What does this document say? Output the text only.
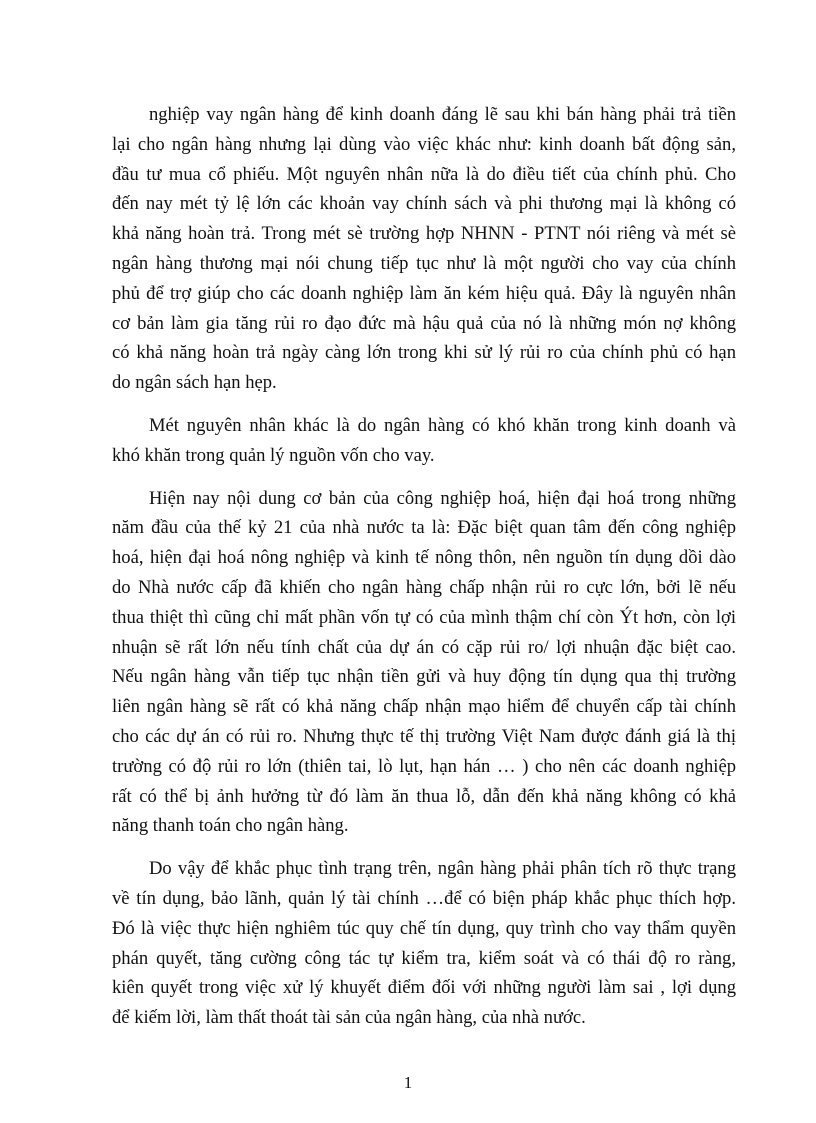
nghiệp vay ngân hàng để kinh doanh đáng lẽ sau khi bán hàng phải trả tiền
lại cho ngân hàng nhưng lại dùng vào việc khác như: kinh doanh bất động sản,
đầu tư mua cổ phiếu. Một nguyên nhân nữa là do điều tiết của chính phủ. Cho
đến nay mét tỷ lệ lớn các khoản vay chính sách và phi thương mại là không có
khả năng hoàn trả. Trong mét sè trường hợp NHNN - PTNT nói riêng và mét sè
ngân hàng thương mại nói chung tiếp tục như là một người cho vay của chính
phủ để trợ giúp cho các doanh nghiệp làm ăn kém hiệu quả. Đây là nguyên nhân
cơ bản làm gia tăng rủi ro đạo đức mà hậu quả của nó là những món nợ không
có khả năng hoàn trả ngày càng lớn trong khi sử lý rủi ro của chính phủ có hạn
do ngân sách hạn hẹp.
Mét nguyên nhân khác là do ngân hàng có khó khăn trong kinh doanh và
khó khăn trong quản lý nguồn vốn cho vay.
Hiện nay nội dung cơ bản của công nghiệp hoá, hiện đại hoá trong những
năm đầu của thế kỷ 21 của nhà nước ta là: Đặc biệt quan tâm đến công nghiệp
hoá, hiện đại hoá nông nghiệp và kinh tế nông thôn, nên nguồn tín dụng dồi dào
do Nhà nước cấp đã khiến cho ngân hàng chấp nhận rủi ro cực lớn, bởi lẽ nếu
thua thiệt thì cũng chỉ mất phần vốn tự có của mình thậm chí còn Ýt hơn, còn lợi
nhuận sẽ rất lớn nếu tính chất của dự án có cặp rủi ro/ lợi nhuận đặc biệt cao.
Nếu ngân hàng vẫn tiếp tục nhận tiền gửi và huy động tín dụng qua thị trường
liên ngân hàng sẽ rất có khả năng chấp nhận mạo hiểm để chuyển cấp tài chính
cho các dự án có rủi ro. Nhưng thực tế thị trường Việt Nam được đánh giá là thị
trường có độ rủi ro lớn (thiên tai, lò lụt, hạn hán … ) cho nên các doanh nghiệp
rất có thể bị ảnh hưởng từ đó làm ăn thua lỗ, dẫn đến khả năng không có khả
năng thanh toán cho ngân hàng.
Do vậy để khắc phục tình trạng trên, ngân hàng phải phân tích rõ thực trạng
về tín dụng, bảo lãnh, quản lý tài chính …để có biện pháp khắc phục thích hợp.
Đó là việc thực hiện nghiêm túc quy chế tín dụng, quy trình cho vay thẩm quyền
phán quyết, tăng cường công tác tự kiểm tra, kiểm soát và có thái độ ro ràng,
kiên quyết trong việc xử lý khuyết điểm đối với những người làm sai , lợi dụng
để kiếm lời, làm thất thoát tài sản của ngân hàng, của nhà nước.
1
